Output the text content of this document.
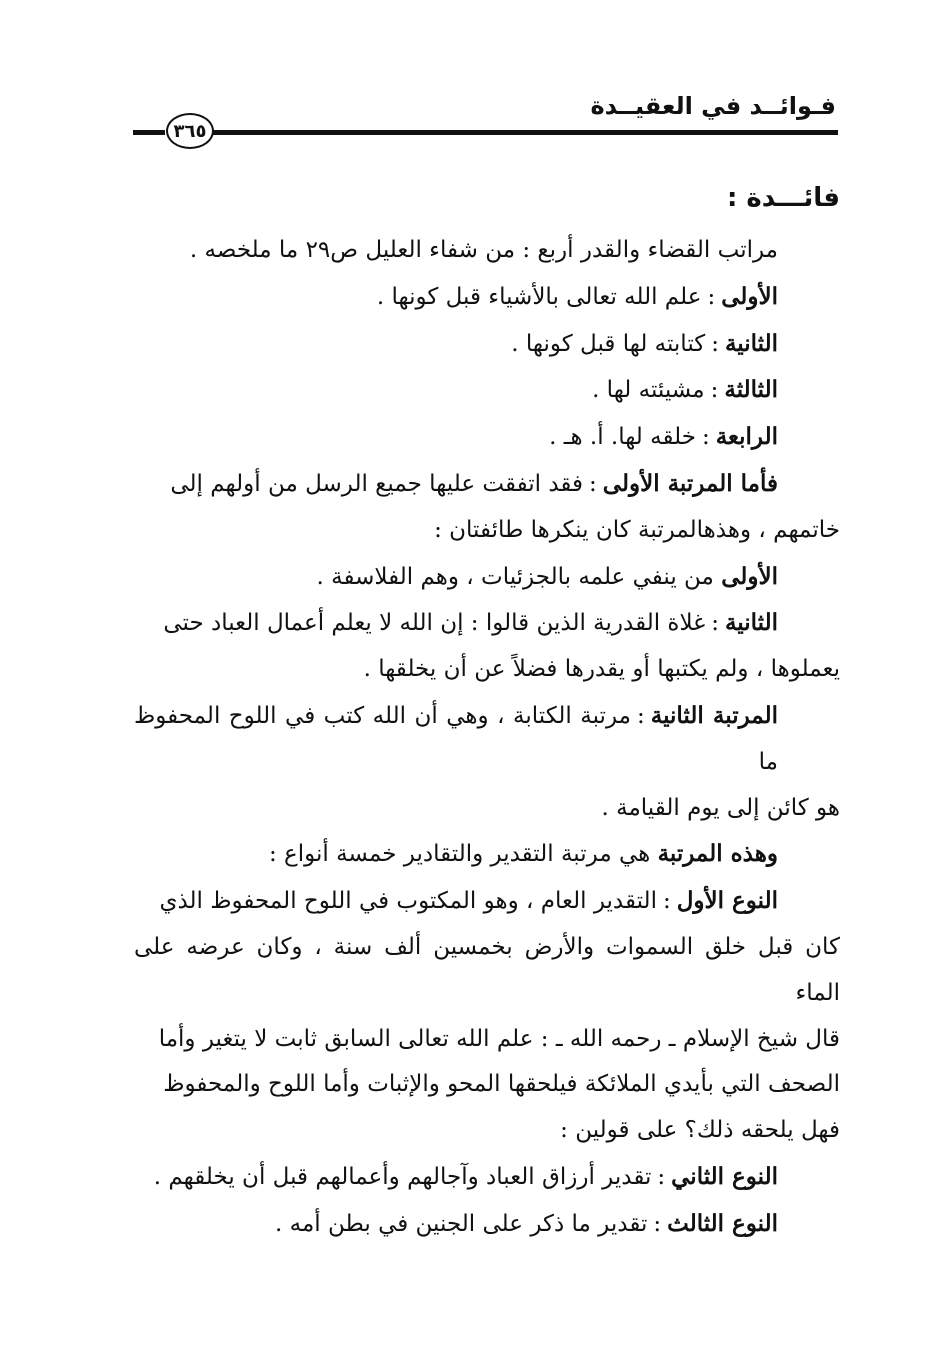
فـوائــد في العقيــدة
٣٦٥

فائـــدة :

مراتب القضاء والقدر أربع : من شفاء العليل ص٢٩ ما ملخصه .

الأولى:علم الله تعالى بالأشياء قبل كونها .

الثانية:كتابته لها قبل كونها .

الثالثة:مشيئته لها .

الرابعة:خلقه لها. أ. هـ .

فأما المرتبة الأولى:فقد اتفقت عليها جميع الرسل من أولهم إلى

خاتمهم ، وهذهالمرتبة كان ينكرها طائفتان :

الأولى من ينفي علمه بالجزئيات ، وهم الفلاسفة .

الثانية:غلاة القدرية الذين قالوا : إن الله لا يعلم أعمال العباد حتى

يعملوها ، ولم يكتبها أو يقدرها فضلاً عن أن يخلقها .

المرتبة الثانية:مرتبة الكتابة ، وهي أن الله كتب في اللوح المحفوظ ما

هو كائن إلى يوم القيامة .

وهذه المرتبة هي مرتبة التقدير والتقادير خمسة أنواع :

النوع الأول:التقدير العام ، وهو المكتوب في اللوح المحفوظ الذي

كان قبل خلق السموات والأرض بخمسين ألف سنة ، وكان عرضه على الماء

قال شيخ الإسلام ـ رحمه الله ـ : علم الله تعالى السابق ثابت لا يتغير وأما

الصحف التي بأيدي الملائكة فيلحقها المحو والإثبات وأما اللوح والمحفوظ

فهل يلحقه ذلك؟ على قولين :

النوع الثاني:تقدير أرزاق العباد وآجالهم وأعمالهم قبل أن يخلقهم .

النوع الثالث:تقدير ما ذكر على الجنين في بطن أمه .
